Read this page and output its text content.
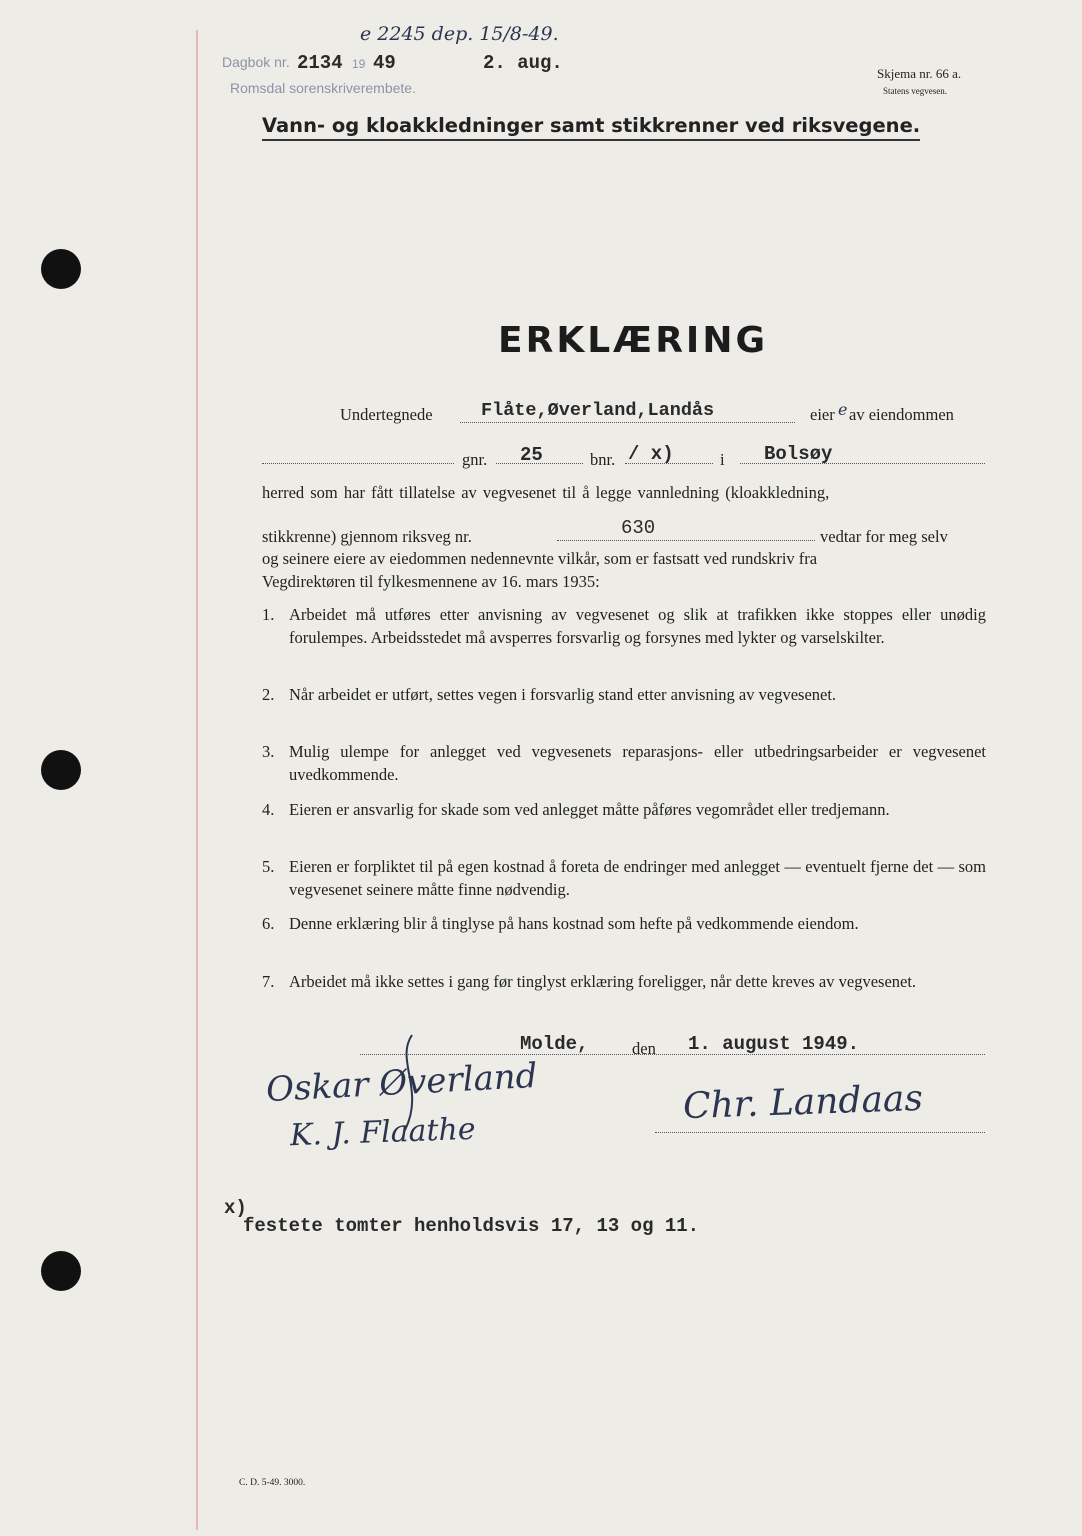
Dagbok nr. 2134 19 49	2. aug.
Romsdal sorenskriverembete.
e 2245 dep. 15/8-49.
Skjema nr. 66 a.
Statens vegvesen.
Vann- og kloakkledninger samt stikkrenner ved riksvegene.
ERKLÆRING
Undertegnede	Flåte,Øverland,Landås	eier e av eiendommen
gnr. 25	bnr. / x)	i Bolsøy
herred som har fått tillatelse av vegvesenet til å legge vannledning (kloakkledning,
stikkrenne) gjennom riksveg nr.	630	vedtar for meg selv
og seinere eiere av eiedommen nedennevnte vilkår, som er fastsatt ved rundskriv fra
Vegdirektøren til fylkesmennene av 16. mars 1935:
1. Arbeidet må utføres etter anvisning av vegvesenet og slik at trafikken ikke stoppes eller unødig forulempes. Arbeidsstedet må avsperres forsvarlig og forsynes med lykter og varselskilter.
2. Når arbeidet er utført, settes vegen i forsvarlig stand etter anvisning av vegvesenet.
3. Mulig ulempe for anlegget ved vegvesenets reparasjons- eller utbedringsarbeider er vegvesenet uvedkommende.
4. Eieren er ansvarlig for skade som ved anlegget måtte påføres vegområdet eller tredjemann.
5. Eieren er forpliktet til på egen kostnad å foreta de endringer med anlegget — eventuelt fjerne det — som vegvesenet seinere måtte finne nødvendig.
6. Denne erklæring blir å tinglyse på hans kostnad som hefte på vedkommende eiendom.
7. Arbeidet må ikke settes i gang før tinglyst erklæring foreligger, når dette kreves av vegvesenet.
Molde,	den 1. august 1949.
Oskar Øverland
K. J. Flaathe
Chr. Landaas
x)
festete tomter henholdsvis 17, 13 og 11.
C. D. 5-49. 3000.
